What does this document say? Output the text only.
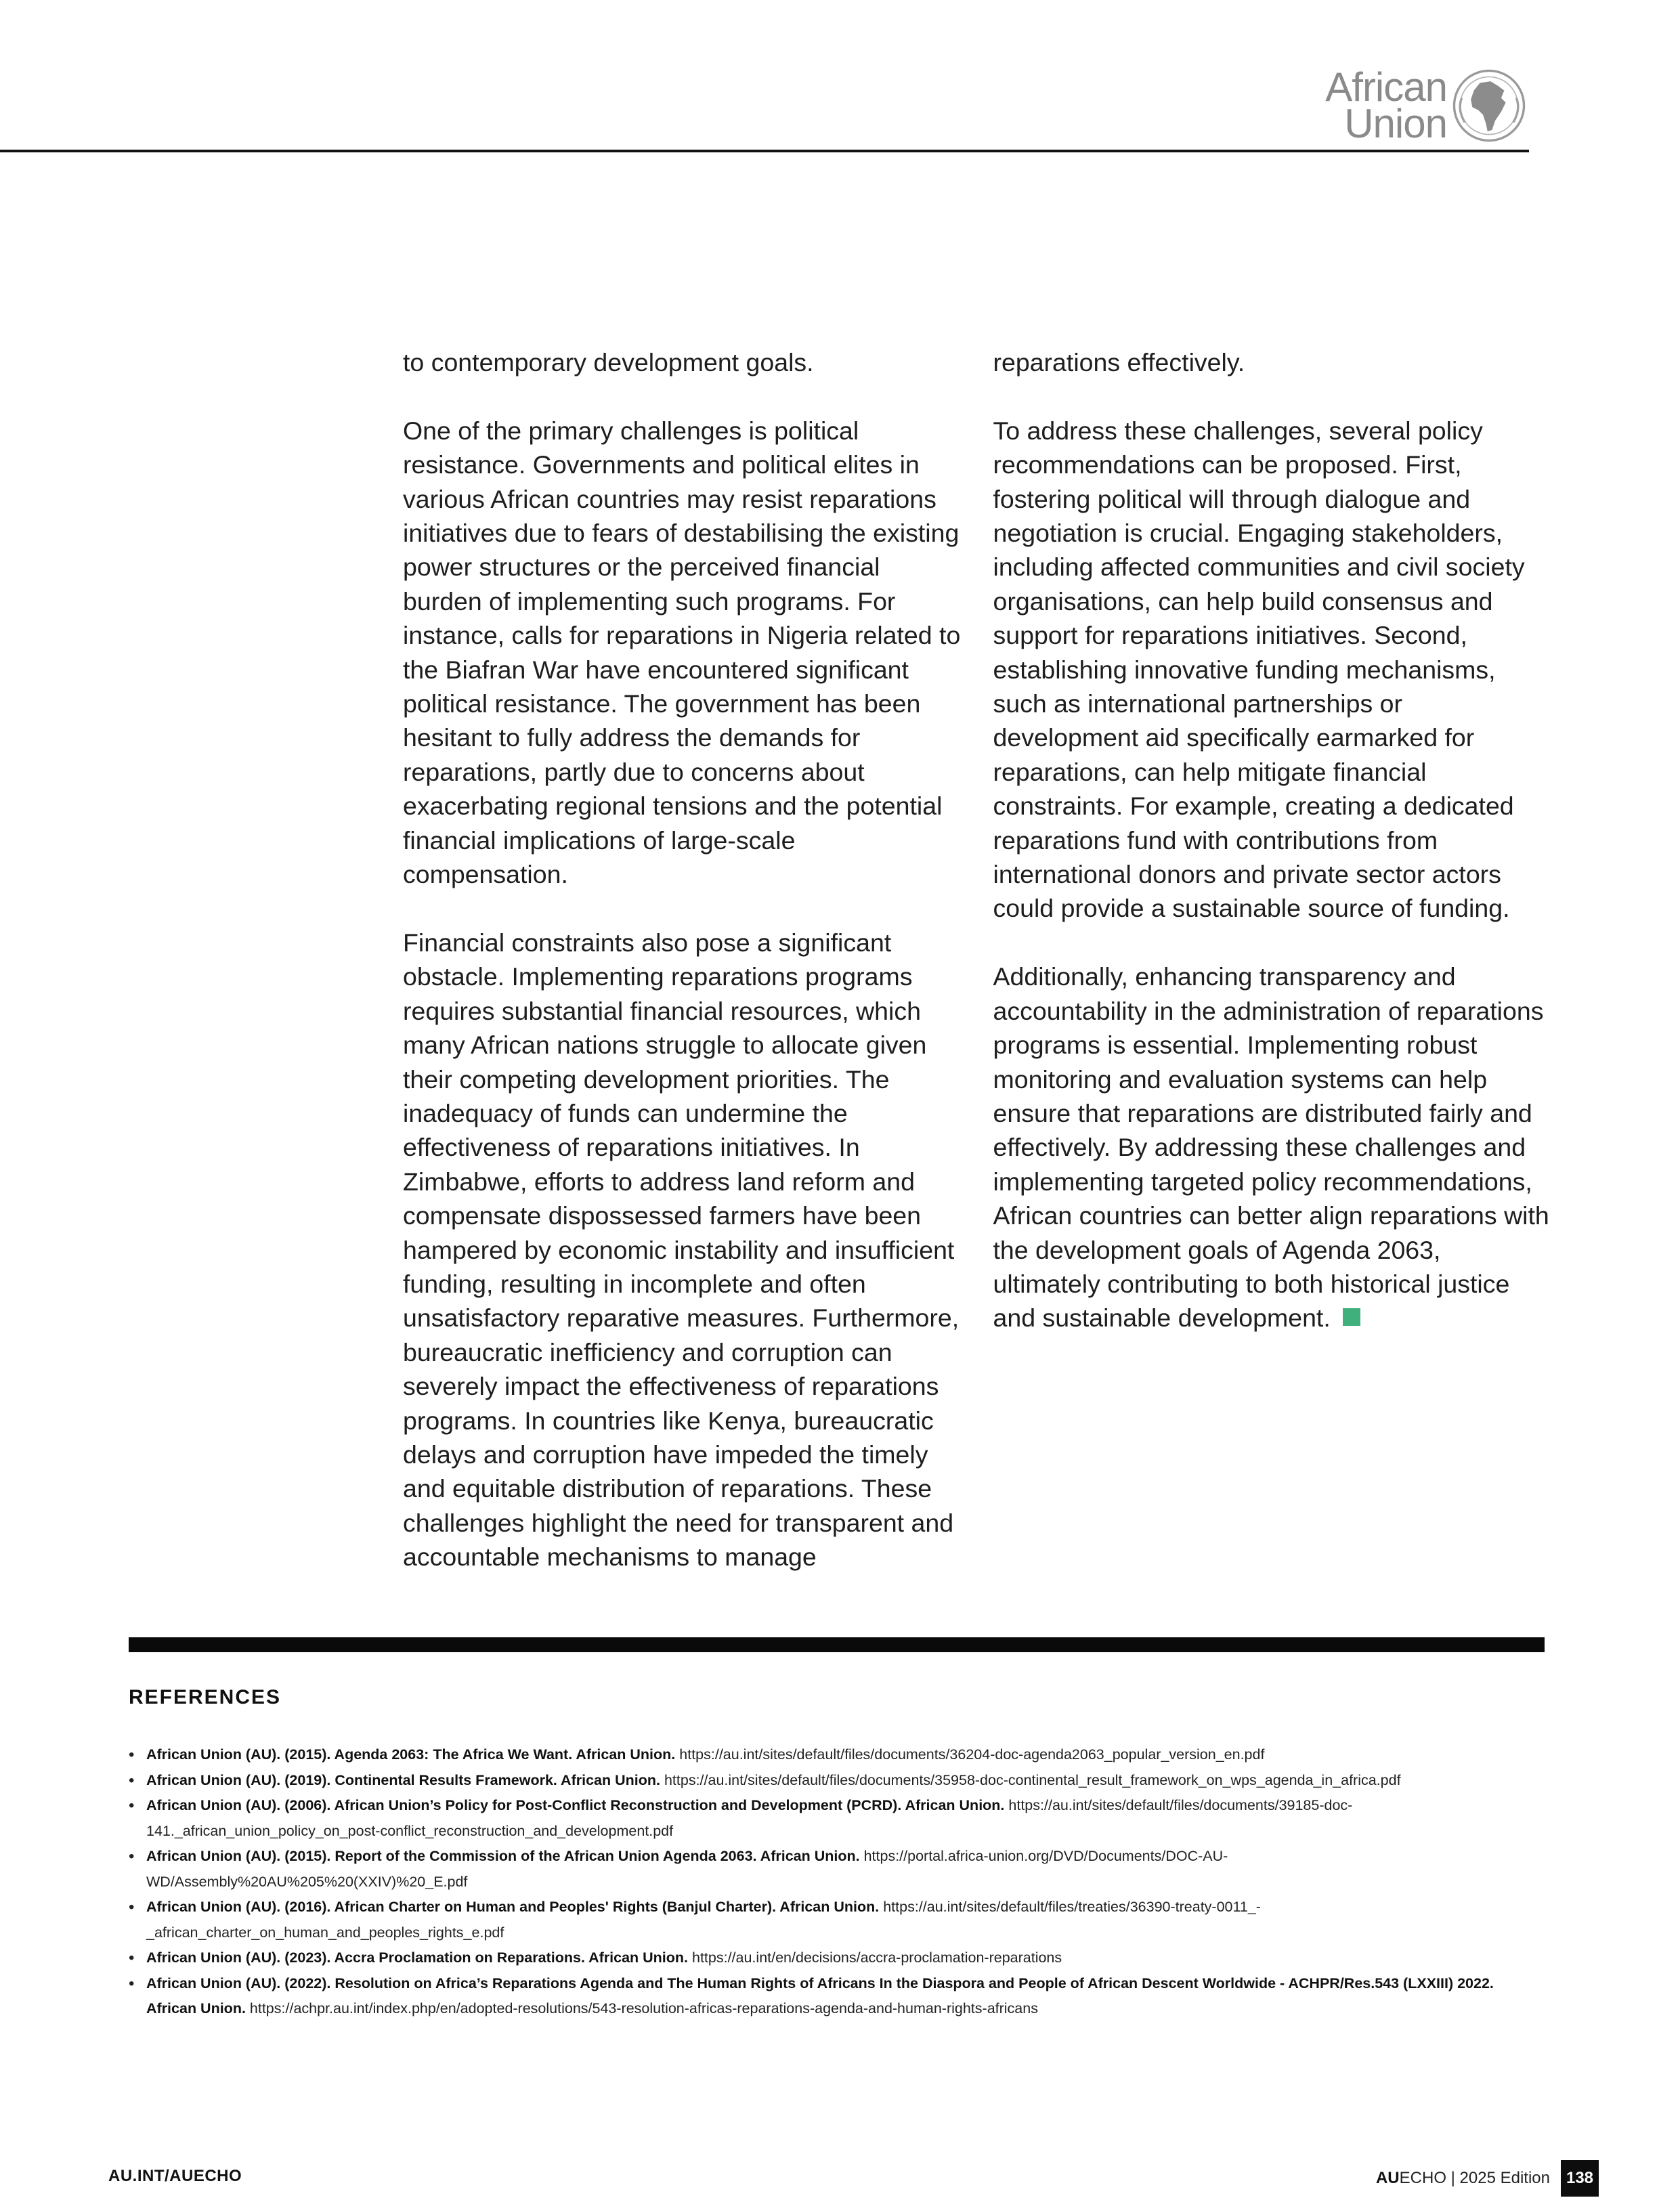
African
Union

to contemporary development goals.

One of the primary challenges is political resistance. Governments and political elites in various African countries may resist reparations initiatives due to fears of destabilising the existing power structures or the perceived financial burden of implementing such programs. For instance, calls for reparations in Nigeria related to the Biafran War have encountered significant political resistance. The government has been hesitant to fully address the demands for reparations, partly due to concerns about exacerbating regional tensions and the potential financial implications of large-scale compensation.

Financial constraints also pose a significant obstacle. Implementing reparations programs requires substantial financial resources, which many African nations struggle to allocate given their competing development priorities. The inadequacy of funds can undermine the effectiveness of reparations initiatives. In Zimbabwe, efforts to address land reform and compensate dispossessed farmers have been hampered by economic instability and insufficient funding, resulting in incomplete and often unsatisfactory reparative measures. Furthermore, bureaucratic inefficiency and corruption can severely impact the effectiveness of reparations programs. In countries like Kenya, bureaucratic delays and corruption have impeded the timely and equitable distribution of reparations. These challenges highlight the need for transparent and accountable mechanisms to manage

reparations effectively.

To address these challenges, several policy recommendations can be proposed. First, fostering political will through dialogue and negotiation is crucial. Engaging stakeholders, including affected communities and civil society organisations, can help build consensus and support for reparations initiatives. Second, establishing innovative funding mechanisms, such as international partnerships or development aid specifically earmarked for reparations, can help mitigate financial constraints. For example, creating a dedicated reparations fund with contributions from international donors and private sector actors could provide a sustainable source of funding.

Additionally, enhancing transparency and accountability in the administration of reparations programs is essential. Implementing robust monitoring and evaluation systems can help ensure that reparations are distributed fairly and effectively. By addressing these challenges and implementing targeted policy recommendations, African countries can better align reparations with the development goals of Agenda 2063, ultimately contributing to both historical justice and sustainable development.

REFERENCES
• African Union (AU). (2015). Agenda 2063: The Africa We Want. African Union. https://au.int/sites/default/files/documents/36204-doc-agenda2063_popular_version_en.pdf
• African Union (AU). (2019). Continental Results Framework. African Union. https://au.int/sites/default/files/documents/35958-doc-continental_result_framework_on_wps_agenda_in_africa.pdf
• African Union (AU). (2006). African Union’s Policy for Post-Conflict Reconstruction and Development (PCRD). African Union. https://au.int/sites/default/files/documents/39185-doc-141._african_union_policy_on_post-conflict_reconstruction_and_development.pdf
• African Union (AU). (2015). Report of the Commission of the African Union Agenda 2063. African Union. https://portal.africa-union.org/DVD/Documents/DOC-AU-WD/Assembly%20AU%205%20(XXIV)%20_E.pdf
• African Union (AU). (2016). African Charter on Human and Peoples' Rights (Banjul Charter). African Union. https://au.int/sites/default/files/treaties/36390-treaty-0011_-_african_charter_on_human_and_peoples_rights_e.pdf
• African Union (AU). (2023). Accra Proclamation on Reparations. African Union. https://au.int/en/decisions/accra-proclamation-reparations
• African Union (AU). (2022). Resolution on Africa’s Reparations Agenda and The Human Rights of Africans In the Diaspora and People of African Descent Worldwide - ACHPR/Res.543 (LXXIII) 2022. African Union. https://achpr.au.int/index.php/en/adopted-resolutions/543-resolution-africas-reparations-agenda-and-human-rights-africans
AU.INT/AUECHO	AUECHO | 2025 Edition 138
